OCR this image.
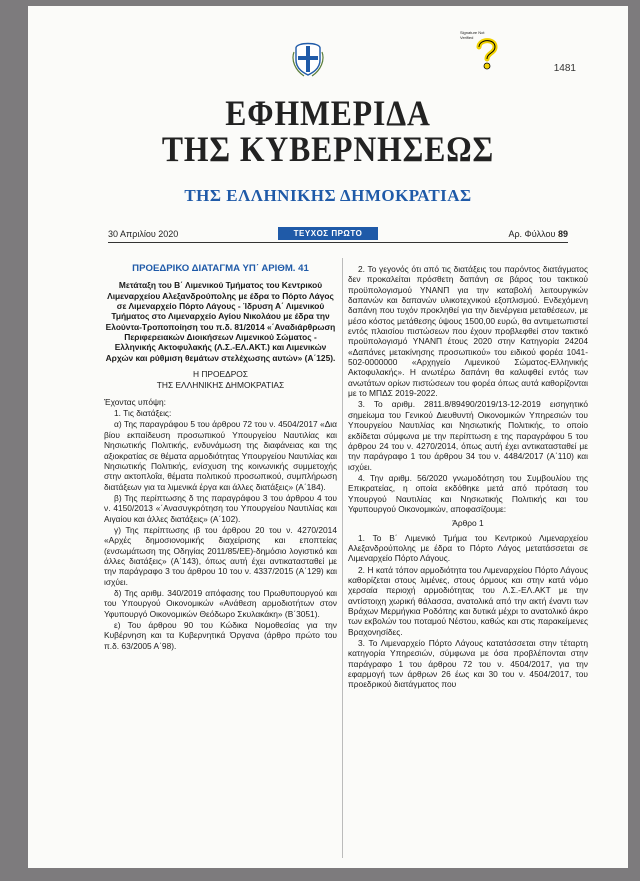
Signature Not
Verified

1481
ΕΦΗΜΕΡΙΔΑ
ΤΗΣ ΚΥΒΕΡΝΗΣΕΩΣ
ΤΗΣ ΕΛΛΗΝΙΚΗΣ ΔΗΜΟΚΡΑΤΙΑΣ
30 Απριλίου 2020	ΤΕΥΧΟΣ ΠΡΩΤΟ	Αρ. Φύλλου 89

ΠΡΟΕΔΡΙΚΟ ΔΙΑΤΑΓΜΑ ΥΠ΄ ΑΡΙΘΜ. 41

Μετάταξη του Β΄ Λιμενικού Τμήματος του Κεντρικού Λιμεναρχείου Αλεξανδρούπολης με έδρα το Πόρτο Λάγος σε Λιμεναρχείο Πόρτο Λάγους - Ίδρυση Α΄ Λιμενικού Τμήματος στο Λιμεναρχείο Αγίου Νικολάου με έδρα την Ελούντα-Τροποποίηση του π.δ. 81/2014 «΄Αναδιάρθρωση Περιφερειακών Διοικήσεων Λιμενικού Σώματος - Ελληνικής Ακτοφυλακής (Λ.Σ.-ΕΛ.ΑΚΤ.) και Λιμενικών Αρχών και ρύθμιση θεμάτων στελέχωσης αυτών» (Α΄125).

Η ΠΡΟΕΔΡΟΣ

ΤΗΣ ΕΛΛΗΝΙΚΗΣ ΔΗΜΟΚΡΑΤΙΑΣ

Έχοντας υπόψη:

1. Τις διατάξεις:

α) Της παραγράφου 5 του άρθρου 72 του ν. 4504/2017 «Δια βίου εκπαίδευση προσωπικού Υπουργείου Ναυτιλίας και Νησιωτικής Πολιτικής, ενδυνάμωση της διαφάνειας και της αξιοκρατίας σε θέματα αρμοδιότητας Υπουργείου Ναυτιλίας και Νησιωτικής Πολιτικής, ενίσχυση της κοινωνικής συμμετοχής στην ακτοπλοΐα, θέματα πολιτικού προσωπικού, συμπλήρωση διατάξεων για τα λιμενικά έργα και άλλες διατάξεις» (Α΄184).

β) Της περίπτωσης δ της παραγράφου 3 του άρθρου 4 του ν. 4150/2013 «΄Ανασυγκρότηση του Υπουργείου Ναυτιλίας και Αιγαίου και άλλες διατάξεις» (Α΄102).

γ) Της περίπτωσης ιβ του άρθρου 20 του ν. 4270/2014 «Αρχές δημοσιονομικής διαχείρισης και εποπτείας (ενσωμάτωση της Οδηγίας 2011/85/ΕΕ)-δημόσιο λογιστικό και άλλες διατάξεις» (Α΄143), όπως αυτή έχει αντικατασταθεί με την παράγραφο 3 του άρθρου 10 του ν. 4337/2015 (Α΄129) και ισχύει.

δ) Της αριθμ. 340/2019 απόφασης του Πρωθυπουργού και του Υπουργού Οικονομικών «Ανάθεση αρμοδιοτήτων στον Υφυπουργό Οικονομικών Θεόδωρο Σκυλακάκη» (Β΄3051).

ε) Του άρθρου 90 του Κώδικα Νομοθεσίας για την Κυβέρνηση και τα Κυβερνητικά Όργανα (άρθρο πρώτο του π.δ. 63/2005 Α΄98).

2. Το γεγονός ότι από τις διατάξεις του παρόντος διατάγματος δεν προκαλείται πρόσθετη δαπάνη σε βάρος του τακτικού προϋπολογισμού ΥΝΑΝΠ για την καταβολή λειτουργικών δαπανών και δαπανών υλικοτεχνικού εξοπλισμού. Ενδεχόμενη δαπάνη που τυχόν προκληθεί για την διενέργεια μεταθέσεων, με μέσο κόστος μετάθεσης ύψους 1500,00 ευρώ, θα αντιμετωπιστεί εντός πλαισίου πιστώσεων που έχουν προβλεφθεί στον τακτικό προϋπολογισμό ΥΝΑΝΠ έτους 2020 στην Κατηγορία 24204 «Δαπάνες μετακίνησης προσωπικού» του ειδικού φορέα 1041-502-0000000 «Αρχηγείο Λιμενικού Σώματος-Ελληνικής Ακτοφυλακής». Η ανωτέρω δαπάνη θα καλυφθεί εντός των ανωτάτων ορίων πιστώσεων του φορέα όπως αυτά καθορίζονται με το ΜΠΔΣ 2019-2022.

3. Το αριθμ. 2811.8/89490/2019/13-12-2019 εισηγητικό σημείωμα του Γενικού Διευθυντή Οικονομικών Υπηρεσιών του Υπουργείου Ναυτιλίας και Νησιωτικής Πολιτικής, το οποίο εκδίδεται σύμφωνα με την περίπτωση ε της παραγράφου 5 του άρθρου 24 του ν. 4270/2014, όπως αυτή έχει αντικατασταθεί με την παράγραφο 1 του άρθρου 34 του ν. 4484/2017 (Α΄110) και ισχύει.

4. Την αριθμ. 56/2020 γνωμοδότηση του Συμβουλίου της Επικρατείας, η οποία εκδόθηκε μετά από πρόταση του Υπουργού Ναυτιλίας και Νησιωτικής Πολιτικής και του Υφυπουργού Οικονομικών, αποφασίζουμε:

Άρθρο 1

1. Το Β΄ Λιμενικό Τμήμα του Κεντρικού Λιμεναρχείου Αλεξανδρούπολης με έδρα το Πόρτο Λάγος μετατάσσεται σε Λιμεναρχείο Πόρτο Λάγους.

2. Η κατά τόπον αρμοδιότητα του Λιμεναρχείου Πόρτο Λάγους καθορίζεται στους λιμένες, στους όρμους και στην κατά νόμο χερσαία περιοχή αρμοδιότητας του Λ.Σ.-ΕΛ.ΑΚΤ με την αντίστοιχη χωρική θάλασσα, ανατολικά από την ακτή έναντι των Βράχων Μερμήγκια Ροδόπης και δυτικά μέχρι το ανατολικό άκρο των εκβολών του ποταμού Νέστου, καθώς και στις παρακείμενες Βραχονησίδες.

3. Το Λιμεναρχείο Πόρτο Λάγους κατατάσσεται στην τέταρτη κατηγορία Υπηρεσιών, σύμφωνα με όσα προβλέπονται στην παράγραφο 1 του άρθρου 72 του ν. 4504/2017, για την εφαρμογή των άρθρων 26 έως και 30 του ν. 4504/2017, του προεδρικού διατάγματος που
